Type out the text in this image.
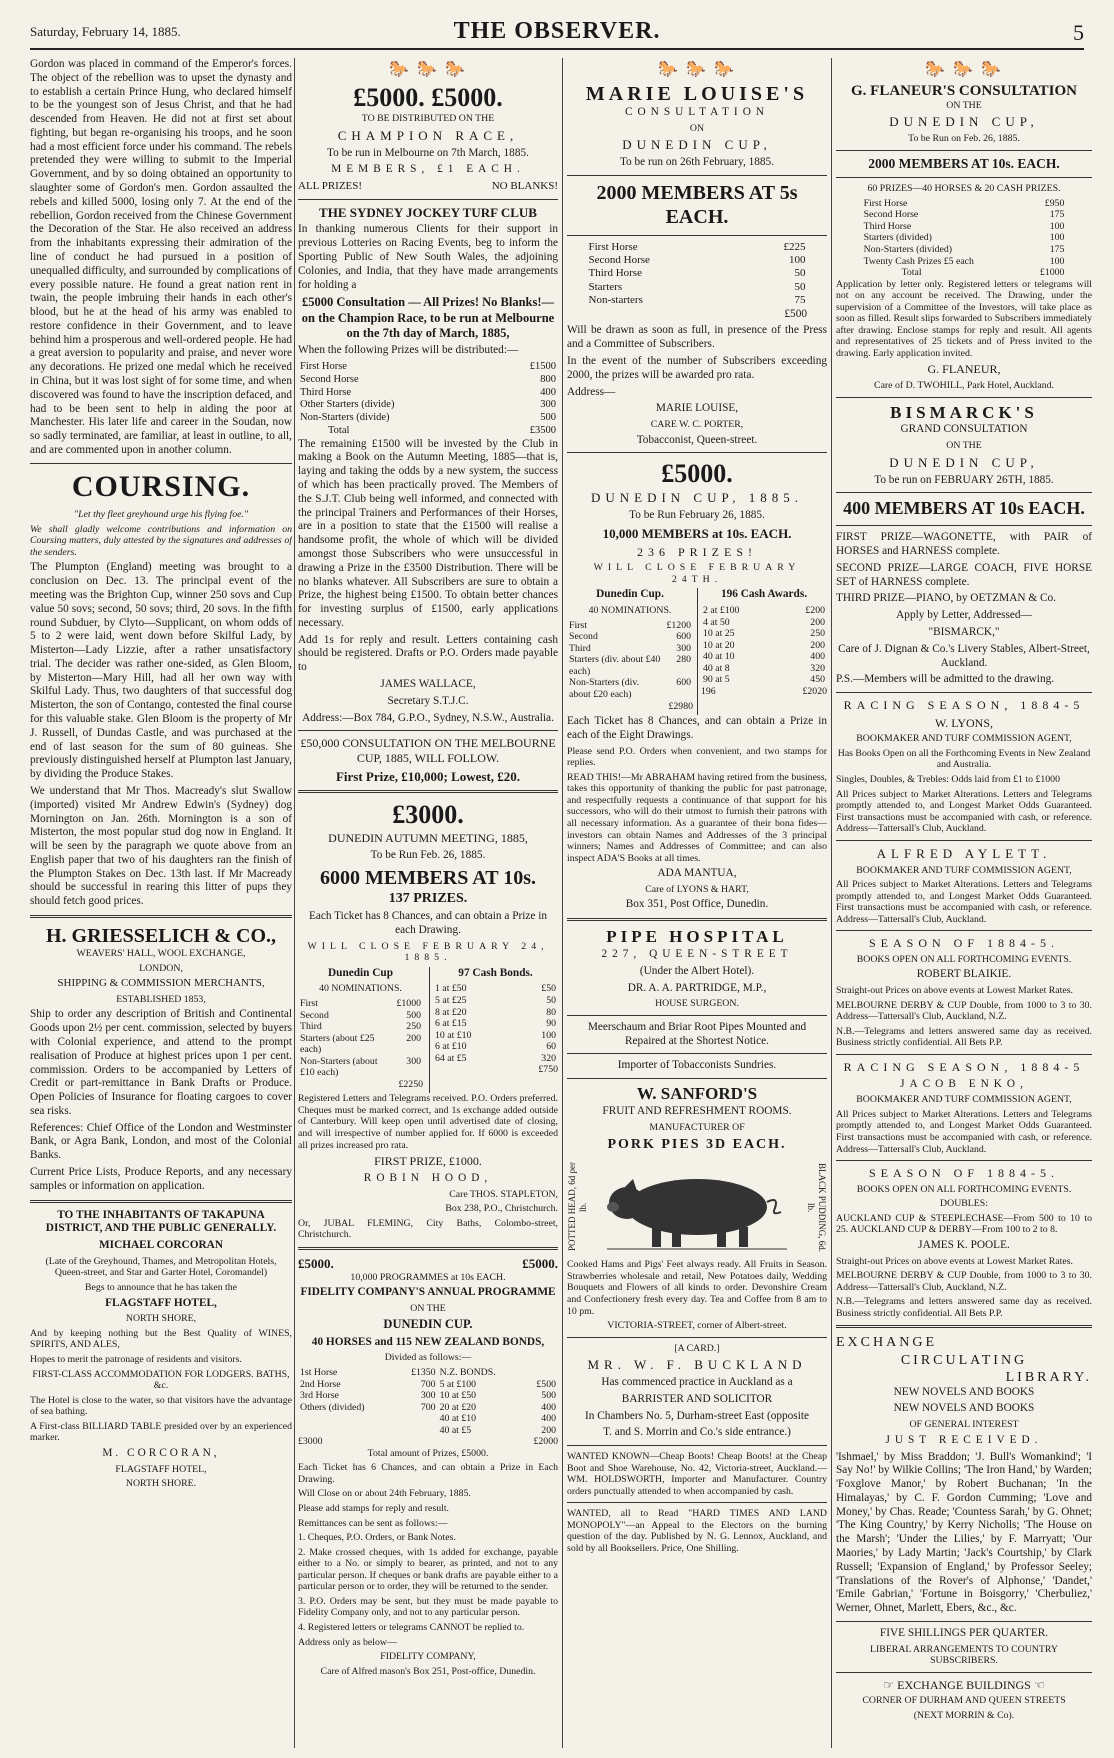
Saturday, February 14, 1885.	THE OBSERVER.	5

Gordon was placed in command of the Emperor's forces. The object of the rebellion was to upset the dynasty and to establish a certain Prince Hung, who declared himself to be the youngest son of Jesus Christ, and that he had descended from Heaven. He did not at first set about fighting, but began re-organising his troops, and he soon had a most efficient force under his command. The rebels pretended they were willing to submit to the Imperial Government, and by so doing obtained an opportunity to slaughter some of Gordon's men. Gordon assaulted the rebels and killed 5000, losing only 7. At the end of the rebellion, Gordon received from the Chinese Government the Decoration of the Star. He also received an address from the inhabitants expressing their admiration of the line of conduct he had pursued in a position of unequalled difficulty, and surrounded by complications of every possible nature. He found a great nation rent in twain, the people imbruing their hands in each other's blood, but he at the head of his army was enabled to restore confidence in their Government, and to leave behind him a prosperous and well-ordered people. He had a great aversion to popularity and praise, and never wore any decorations. He prized one medal which he received in China, but it was lost sight of for some time, and when discovered was found to have the inscription defaced, and had to be been sent to help in aiding the poor at Manchester. His later life and career in the Soudan, now so sadly terminated, are familiar, at least in outline, to all, and are commented upon in another column.

COURSING.

"Let thy fleet greyhound urge his flying foe."

We shall gladly welcome contributions and information on Coursing matters, duly attested by the signatures and addresses of the senders.

The Plumpton (England) meeting was brought to a conclusion on Dec. 13. The principal event of the meeting was the Brighton Cup, winner 250 sovs and Cup value 50 sovs; second, 50 sovs; third, 20 sovs. In the fifth round Subduer, by Clyto—Supplicant, on whom odds of 5 to 2 were laid, went down before Skilful Lady, by Misterton—Lady Lizzie, after a rather unsatisfactory trial. The decider was rather one-sided, as Glen Bloom, by Misterton—Mary Hill, had all her own way with Skilful Lady. Thus, two daughters of that successful dog Misterton, the son of Contango, contested the final course for this valuable stake. Glen Bloom is the property of Mr J. Russell, of Dundas Castle, and was purchased at the end of last season for the sum of 80 guineas. She previously distinguished herself at Plumpton last January, by dividing the Produce Stakes.

We understand that Mr Thos. Macready's slut Swallow (imported) visited Mr Andrew Edwin's (Sydney) dog Mornington on Jan. 26th. Mornington is a son of Misterton, the most popular stud dog now in England. It will be seen by the paragraph we quote above from an English paper that two of his daughters ran the finish of the Plumpton Stakes on Dec. 13th last. If Mr Macready should be successful in rearing this litter of pups they should fetch good prices.

H. GRIESSELICH & CO.,

WEAVERS' HALL, WOOL EXCHANGE,

LONDON,

SHIPPING & COMMISSION MERCHANTS,

ESTABLISHED 1853,

Ship to order any description of British and Continental Goods upon 2½ per cent. commission, selected by buyers with Colonial experience, and attend to the prompt realisation of Produce at highest prices upon 1 per cent. commission. Orders to be accompanied by Letters of Credit or part-remittance in Bank Drafts or Produce. Open Policies of Insurance for floating cargoes to cover sea risks.

References: Chief Office of the London and Westminster Bank, or Agra Bank, London, and most of the Colonial Banks.

Current Price Lists, Produce Reports, and any necessary samples or information on application.

TO THE INHABITANTS OF TAKAPUNA DISTRICT, AND THE PUBLIC GENERALLY.

MICHAEL CORCORAN

(Late of the Greyhound, Thames, and Metropolitan Hotels, Queen-street, and Star and Garter Hotel, Coromandel)

Begs to announce that he has taken the

FLAGSTAFF HOTEL,

NORTH SHORE,

And by keeping nothing but the Best Quality of WINES, SPIRITS, AND ALES,

Hopes to merit the patronage of residents and visitors.

FIRST-CLASS ACCOMMODATION FOR LODGERS. BATHS, &c.

The Hotel is close to the water, so that visitors have the advantage of sea bathing.

A First-class BILLIARD TABLE presided over by an experienced marker.

M. CORCORAN,

FLAGSTAFF HOTEL,

NORTH SHORE.

🐎 🐎 🐎
£5000. £5000.

TO BE DISTRIBUTED ON THE

CHAMPION RACE,

To be run in Melbourne on 7th March, 1885.

MEMBERS, £1 EACH.

ALL PRIZES!	NO BLANKS!

THE SYDNEY JOCKEY TURF CLUB

In thanking numerous Clients for their support in previous Lotteries on Racing Events, beg to inform the Sporting Public of New South Wales, the adjoining Colonies, and India, that they have made arrangements for holding a

£5000 Consultation — All Prizes! No Blanks!—on the Champion Race, to be run at Melbourne on the 7th day of March, 1885,

When the following Prizes will be distributed:—

First Horse	£1500
Second Horse	800
Third Horse	400
Other Starters (divide)	300
Non-Starters (divide)	500
Total	£3500

The remaining £1500 will be invested by the Club in making a Book on the Autumn Meeting, 1885—that is, laying and taking the odds by a new system, the success of which has been practically proved. The Members of the S.J.T. Club being well informed, and connected with the principal Trainers and Performances of their Horses, are in a position to state that the £1500 will realise a handsome profit, the whole of which will be divided amongst those Subscribers who were unsuccessful in drawing a Prize in the £3500 Distribution. There will be no blanks whatever. All Subscribers are sure to obtain a Prize, the highest being £1500. To obtain better chances for investing surplus of £1500, early applications necessary.

Add 1s for reply and result. Letters containing cash should be registered. Drafts or P.O. Orders made payable to

JAMES WALLACE,

Secretary S.T.J.C.

Address:—Box 784, G.P.O., Sydney, N.S.W., Australia.

£50,000 CONSULTATION ON THE MELBOURNE CUP, 1885, WILL FOLLOW.

First Prize, £10,000; Lowest, £20.

£3000.

DUNEDIN AUTUMN MEETING, 1885,

To be Run Feb. 26, 1885.

6000 MEMBERS AT 10s.

137 PRIZES.

Each Ticket has 8 Chances, and can obtain a Prize in each Drawing.

WILL CLOSE FEBRUARY 24, 1885.

Dunedin Cup

40 NOMINATIONS.

First	£1000
Second	500
Third	250
Starters (about £25 each)	200
Non-Starters (about £10 each)	300

£2250

97 Cash Bonds.

1 at £50	£50
5 at £25	50
8 at £20	80
6 at £15	90
10 at £10	100
6 at £10	60
64 at £5	320

£750

Registered Letters and Telegrams received. P.O. Orders preferred. Cheques must be marked correct, and 1s exchange added outside of Canterbury. Will keep open until advertised date of closing, and will irrespective of number applied for. If 6000 is exceeded all prizes increased pro rata.

FIRST PRIZE, £1000.

ROBIN HOOD,

Care THOS. STAPLETON,

Box 238, P.O., Christchurch.

Or, JUBAL FLEMING, City Baths, Colombo-street, Christchurch.

£5000.	£5000.

10,000 PROGRAMMES at 10s EACH.

FIDELITY COMPANY'S ANNUAL PROGRAMME

ON THE

DUNEDIN CUP.

40 HORSES and 115 NEW ZEALAND BONDS,

Divided as follows:—

1st Horse	£1350	N.Z. BONDS.	
2nd Horse	700	5 at £100	£500
3rd Horse	300	10 at £50	500
Others (divided)	700	20 at £20	400
		40 at £10	400
		40 at £5	200
£3000	£2000

Total amount of Prizes, £5000.

Each Ticket has 6 Chances, and can obtain a Prize in Each Drawing.

Will Close on or about 24th February, 1885.

Please add stamps for reply and result.

Remittances can be sent as follows:—

1. Cheques, P.O. Orders, or Bank Notes.

2. Make crossed cheques, with 1s added for exchange, payable either to a No. or simply to bearer, as printed, and not to any particular person. If cheques or bank drafts are payable either to a particular person or to order, they will be returned to the sender.

3. P.O. Orders may be sent, but they must be made payable to Fidelity Company only, and not to any particular person.

4. Registered letters or telegrams CANNOT be replied to.

Address only as below—

FIDELITY COMPANY,

Care of Alfred mason's Box 251, Post-office, Dunedin.

🐎 🐎 🐎
MARIE LOUISE'S

CONSULTATION

ON

DUNEDIN CUP,

To be run on 26th February, 1885.

2000 MEMBERS AT 5s EACH.
First Horse	£225
Second Horse	100
Third Horse	50
Starters	50
Non-starters	75

£500

Will be drawn as soon as full, in presence of the Press and a Committee of Subscribers.

In the event of the number of Subscribers exceeding 2000, the prizes will be awarded pro rata.

Address—

MARIE LOUISE,

CARE W. C. PORTER,

Tobacconist, Queen-street.

£5000.

DUNEDIN CUP, 1885.

To be Run February 26, 1885.

10,000 MEMBERS at 10s. EACH.

236 PRIZES!

WILL CLOSE FEBRUARY 24TH.

Dunedin Cup.

40 NOMINATIONS.

First	£1200
Second	600
Third	300
Starters (div. about £40 each)	280
Non-Starters (div. about £20 each)	600

£2980

196 Cash Awards.

2 at £100	£200
4 at 50	200
10 at 25	250
10 at 20	200
40 at 10	400
40 at 8	320
90 at 5	450
196	£2020

Each Ticket has 8 Chances, and can obtain a Prize in each of the Eight Drawings.

Please send P.O. Orders when convenient, and two stamps for replies.

READ THIS!—Mr ABRAHAM having retired from the business, takes this opportunity of thanking the public for past patronage, and respectfully requests a continuance of that support for his successors, who will do their utmost to furnish their patrons with all necessary information. As a guarantee of their bona fides—investors can obtain Names and Addresses of the 3 principal winners; Names and Addresses of Committee; and can also inspect ADA'S Books at all times.

ADA MANTUA,

Care of LYONS & HART,

Box 351, Post Office, Dunedin.

PIPE HOSPITAL

227, QUEEN-STREET

(Under the Albert Hotel).

DR. A. A. PARTRIDGE, M.P.,

HOUSE SURGEON.

Meerschaum and Briar Root Pipes Mounted and Repaired at the Shortest Notice.

Importer of Tobacconists Sundries.

W. SANFORD'S

FRUIT AND REFRESHMENT ROOMS.

MANUFACTURER OF

PORK PIES 3D EACH.

POTTED HEAD, 6d per lb.	BLACK PUDDING, 6d. lb.

Cooked Hams and Pigs' Feet always ready. All Fruits in Season. Strawberries wholesale and retail, New Potatoes daily, Wedding Bouquets and Flowers of all kinds to order. Devonshire Cream and Confectionery fresh every day. Tea and Coffee from 8 am to 10 pm.

VICTORIA-STREET, corner of Albert-street.

[A CARD.]

MR. W. F. BUCKLAND

Has commenced practice in Auckland as a

BARRISTER AND SOLICITOR

In Chambers No. 5, Durham-street East (opposite

T. and S. Morrin and Co.'s side entrance.)

WANTED KNOWN—Cheap Boots! Cheap Boots! at the Cheap Boot and Shoe Warehouse, No. 42, Victoria-street, Auckland.—WM. HOLDSWORTH, Importer and Manufacturer. Country orders punctually attended to when accompanied by cash.

WANTED, all to Read "HARD TIMES AND LAND MONOPOLY"—an Appeal to the Electors on the burning question of the day. Published by N. G. Lennox, Auckland, and sold by all Booksellers. Price, One Shilling.

🐎 🐎 🐎
G. FLANEUR'S CONSULTATION

ON THE

DUNEDIN CUP,

To be Run on Feb. 26, 1885.

2000 MEMBERS AT 10s. EACH.

60 PRIZES—40 HORSES & 20 CASH PRIZES.

First Horse	£950
Second Horse	175
Third Horse	100
Starters (divided)	100
Non-Starters (divided)	175
Twenty Cash Prizes £5 each	100
Total	£1000

Application by letter only. Registered letters or telegrams will not on any account be received. The Drawing, under the supervision of a Committee of the Investors, will take place as soon as filled. Result slips forwarded to Subscribers immediately after drawing. Enclose stamps for reply and result. All agents and representatives of 25 tickets and of Press invited to the drawing. Early application invited.

G. FLANEUR,

Care of D. TWOHILL, Park Hotel, Auckland.

BISMARCK'S

GRAND CONSULTATION

ON THE

DUNEDIN CUP,

To be run on FEBRUARY 26TH, 1885.

400 MEMBERS AT 10s EACH.

FIRST PRIZE—WAGONETTE, with PAIR of HORSES and HARNESS complete.

SECOND PRIZE—LARGE COACH, FIVE HORSE SET of HARNESS complete.

THIRD PRIZE—PIANO, by OETZMAN & Co.

Apply by Letter, Addressed—

"BISMARCK,"

Care of J. Dignan & Co.'s Livery Stables, Albert-Street, Auckland.

P.S.—Members will be admitted to the drawing.

RACING SEASON, 1884-5

W. LYONS,

BOOKMAKER AND TURF COMMISSION AGENT,

Has Books Open on all the Forthcoming Events in New Zealand and Australia.

Singles, Doubles, & Trebles: Odds laid from £1 to £1000

All Prices subject to Market Alterations. Letters and Telegrams promptly attended to, and Longest Market Odds Guaranteed. First transactions must be accompanied with cash, or reference. Address—Tattersall's Club, Auckland.

ALFRED AYLETT.

BOOKMAKER AND TURF COMMISSION AGENT,

All Prices subject to Market Alterations. Letters and Telegrams promptly attended to, and Longest Market Odds Guaranteed. First transactions must be accompanied with cash, or reference. Address—Tattersall's Club, Auckland.

SEASON OF 1884-5.

BOOKS OPEN ON ALL FORTHCOMING EVENTS.

ROBERT BLAIKIE.

Straight-out Prices on above events at Lowest Market Rates.

MELBOURNE DERBY & CUP Double, from 1000 to 3 to 30. Address—Tattersall's Club, Auckland, N.Z.

N.B.—Telegrams and letters answered same day as received. Business strictly confidential. All Bets P.P.

RACING SEASON, 1884-5

JACOB ENKO,

BOOKMAKER AND TURF COMMISSION AGENT,

All Prices subject to Market Alterations. Letters and Telegrams promptly attended to, and Longest Market Odds Guaranteed. First transactions must be accompanied with cash, or reference. Address—Tattersall's Club, Auckland.

SEASON OF 1884-5.

BOOKS OPEN ON ALL FORTHCOMING EVENTS.

DOUBLES:

AUCKLAND CUP & STEEPLECHASE—From 500 to 10 to 25. AUCKLAND CUP & DERBY—From 100 to 2 to 8.

JAMES K. POOLE.

Straight-out Prices on above events at Lowest Market Rates.

MELBOURNE DERBY & CUP Double, from 1000 to 3 to 30. Address—Tattersall's Club, Auckland, N.Z.

N.B.—Telegrams and letters answered same day as received. Business strictly confidential. All Bets P.P.

EXCHANGE
CIRCULATING
LIBRARY.

NEW NOVELS AND BOOKS

NEW NOVELS AND BOOKS

OF GENERAL INTEREST

JUST RECEIVED.

'Ishmael,' by Miss Braddon; 'J. Bull's Womankind'; 'I Say No!' by Wilkie Collins; 'The Iron Hand,' by Warden; 'Foxglove Manor,' by Robert Buchanan; 'In the Himalayas,' by C. F. Gordon Cumming; 'Love and Money,' by Chas. Reade; 'Countess Sarah,' by G. Ohnet; 'The King Country,' by Kerry Nicholls; 'The House on the Marsh'; 'Under the Lilies,' by F. Marryatt; 'Our Maories,' by Lady Martin; 'Jack's Courtship,' by Clark Russell; 'Expansion of England,' by Professor Seeley; 'Translations of the Rover's of Alphonse,' 'Dandet,' 'Emile Gabrian,' 'Fortune in Boisgorry,' 'Cherbuliez,' Werner, Ohnet, Marlett, Ebers, &c., &c.

FIVE SHILLINGS PER QUARTER.

LIBERAL ARRANGEMENTS TO COUNTRY SUBSCRIBERS.

☞ EXCHANGE BUILDINGS ☜

CORNER OF DURHAM AND QUEEN STREETS

(NEXT MORRIN & Co).
